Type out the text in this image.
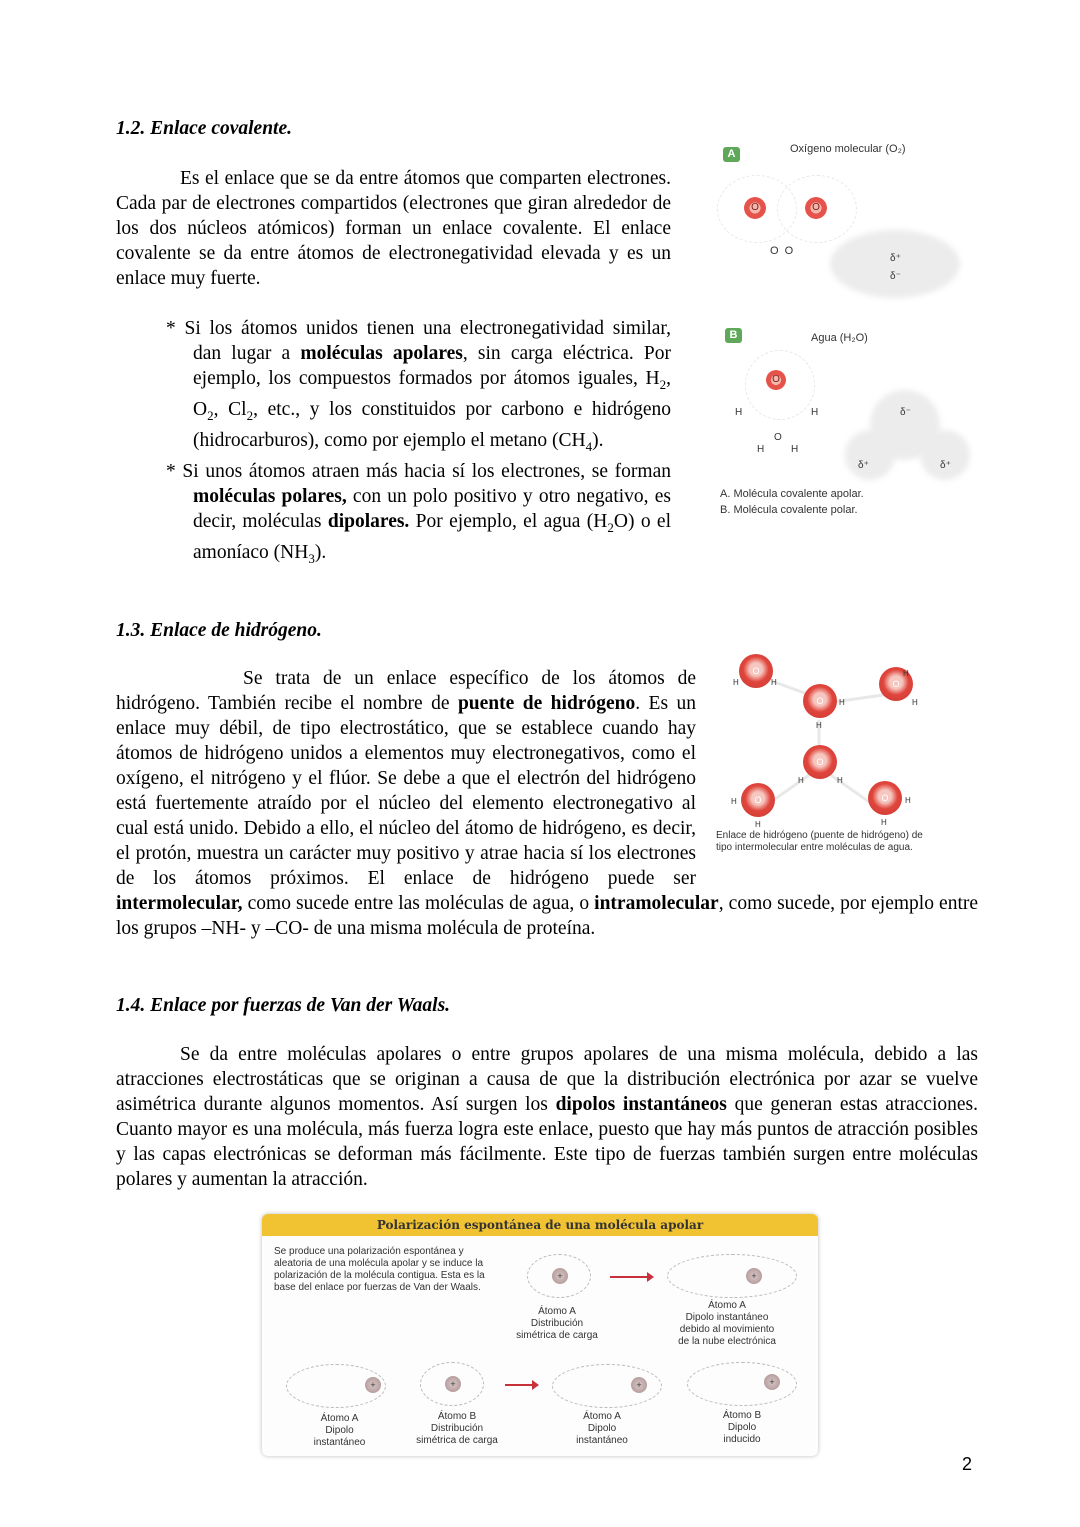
1.2. Enlace covalente.

Es el enlace que se da entre átomos que comparten electrones. Cada par de electrones compartidos (electrones que giran alrededor de los dos núcleos atómicos) forman un enlace covalente. El enlace covalente se da entre átomos de electronegatividad elevada y es un enlace muy fuerte.

* Si los átomos unidos tienen una electronegatividad similar, dan lugar a moléculas apolares, sin carga eléctrica. Por ejemplo, los compuestos formados por átomos iguales, $H_2$, $O_2$, $Cl_2$, etc., y los constituidos por carbono e hidrógeno (hidrocarburos), como por ejemplo el metano $(CH_4)$.

* Si unos átomos atraen más hacia sí los electrones, se forman moléculas polares, con un polo positivo y otro negativo, es decir, moléculas dipolares. Por ejemplo, el agua $(H_2O)$ o el amoníaco $(NH_3)$.

A	Oxígeno molecular (O₂)
O	O
O  O
δ⁺
δ⁻
B	Agua (H₂O)
O
H	H
O
H	H
δ⁻
δ⁺	δ⁺
A. Molécula covalente apolar.
B. Molécula covalente polar.
1.3. Enlace de hidrógeno.

Se trata de un enlace específico de los átomos de hidrógeno. También recibe el nombre de puente de hidrógeno. Es un enlace muy débil, de tipo electrostático, que se establece cuando hay átomos de hidrógeno unidos a elementos muy electronegativos, como el oxígeno, el nitrógeno y el flúor. Se debe a que el electrón del hidrógeno está fuertemente atraído por el núcleo del elemento electronegativo al cual está unido. Debido a ello, el núcleo del átomo de hidrógeno, es decir, el protón, muestra un carácter muy positivo y atrae hacia sí los electrones de los átomos próximos. El enlace de hidrógeno puede ser intermolecular, como sucede entre las moléculas de agua, o intramolecular, como sucede, por ejemplo entre los grupos –NH- y –CO- de una misma molécula de proteína.

O
H	H	O
H
H
O	H
H
O
H	H
O
H
H
O	H
H
Enlace de hidrógeno (puente de hidrógeno) de tipo intermolecular entre moléculas de agua.
1.4. Enlace por fuerzas de Van der Waals.

Se da entre moléculas apolares o entre grupos apolares de una misma molécula, debido a las atracciones electrostáticas que se originan a causa de que la distribución electrónica por azar se vuelve asimétrica durante algunos momentos. Así surgen los dipolos instantáneos que generan estas atracciones. Cuanto mayor es una molécula, más fuerza logra este enlace, puesto que hay más puntos de atracción posibles y las capas electrónicas se deforman más fácilmente. Este tipo de fuerzas también surgen entre moléculas polares y aumentan la atracción.

Polarización espontánea de una molécula apolar
Se produce una polarización espontánea y aleatoria de una molécula apolar y se induce la polarización de la molécula contigua. Esta es la base del enlace por fuerzas de Van der Waals.
+	+
Átomo A
Distribución
simétrica de carga
Átomo A
Dipolo instantáneo
debido al movimiento
de la nube electrónica
+	+	+	+
Átomo A
Dipolo
instantáneo
Átomo B
Distribución
simétrica de carga
Átomo A
Dipolo
instantáneo
Átomo B
Dipolo
inducido
2
